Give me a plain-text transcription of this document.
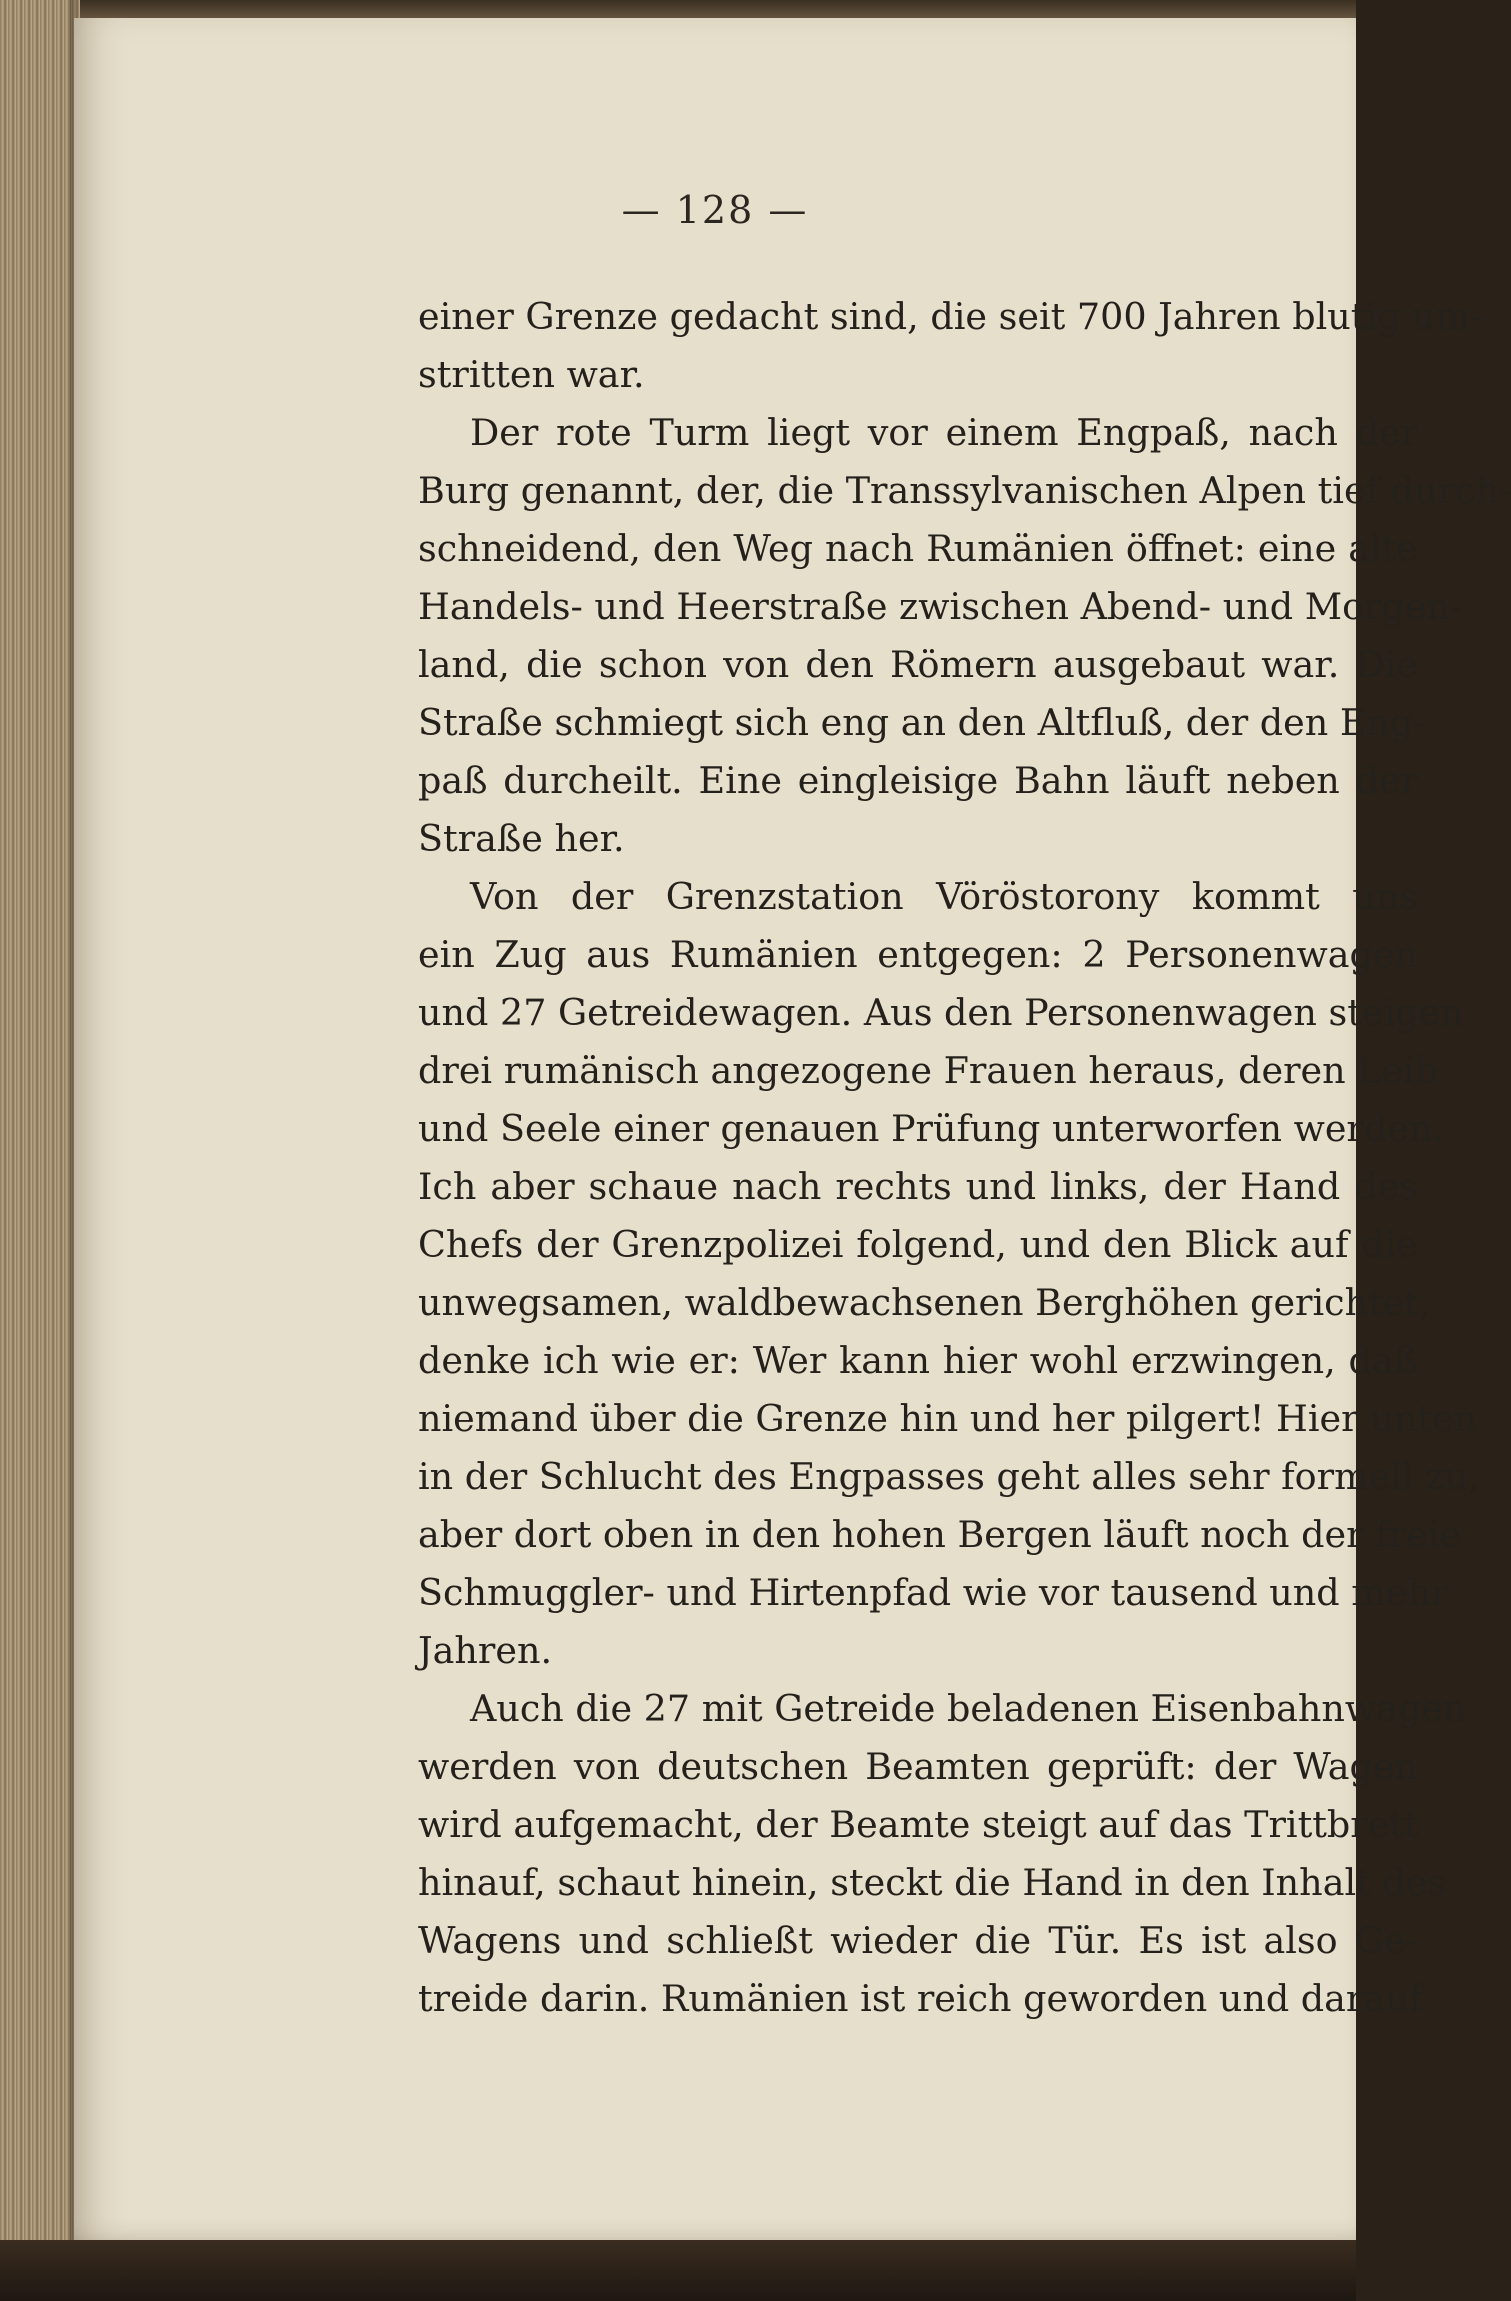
— 128 —
einer Grenze gedacht sind, die seit 700 Jahren blutig um-
stritten war.
Der rote Turm liegt vor einem Engpaß, nach der
Burg genannt, der, die Transsylvanischen Alpen tief durch-
schneidend, den Weg nach Rumänien öffnet: eine alte
Handels- und Heerstraße zwischen Abend- und Morgen-
land, die schon von den Römern ausgebaut war. Die
Straße schmiegt sich eng an den Altfluß, der den Eng-
paß durcheilt. Eine eingleisige Bahn läuft neben der
Straße her.
Von der Grenzstation Vöröstorony kommt uns
ein Zug aus Rumänien entgegen: 2 Personenwagen
und 27 Getreidewagen. Aus den Personenwagen steigen
drei rumänisch angezogene Frauen heraus, deren Leib
und Seele einer genauen Prüfung unterworfen werden.
Ich aber schaue nach rechts und links, der Hand des
Chefs der Grenzpolizei folgend, und den Blick auf die
unwegsamen, waldbewachsenen Berghöhen gerichtet,
denke ich wie er: Wer kann hier wohl erzwingen, daß
niemand über die Grenze hin und her pilgert! Hier unten
in der Schlucht des Engpasses geht alles sehr formell zu,
aber dort oben in den hohen Bergen läuft noch der freie
Schmuggler- und Hirtenpfad wie vor tausend und mehr
Jahren.
Auch die 27 mit Getreide beladenen Eisenbahnwagen
werden von deutschen Beamten geprüft: der Wagen
wird aufgemacht, der Beamte steigt auf das Trittbrett
hinauf, schaut hinein, steckt die Hand in den Inhalt des
Wagens und schließt wieder die Tür. Es ist also Ge-
treide darin. Rumänien ist reich geworden und darauf
